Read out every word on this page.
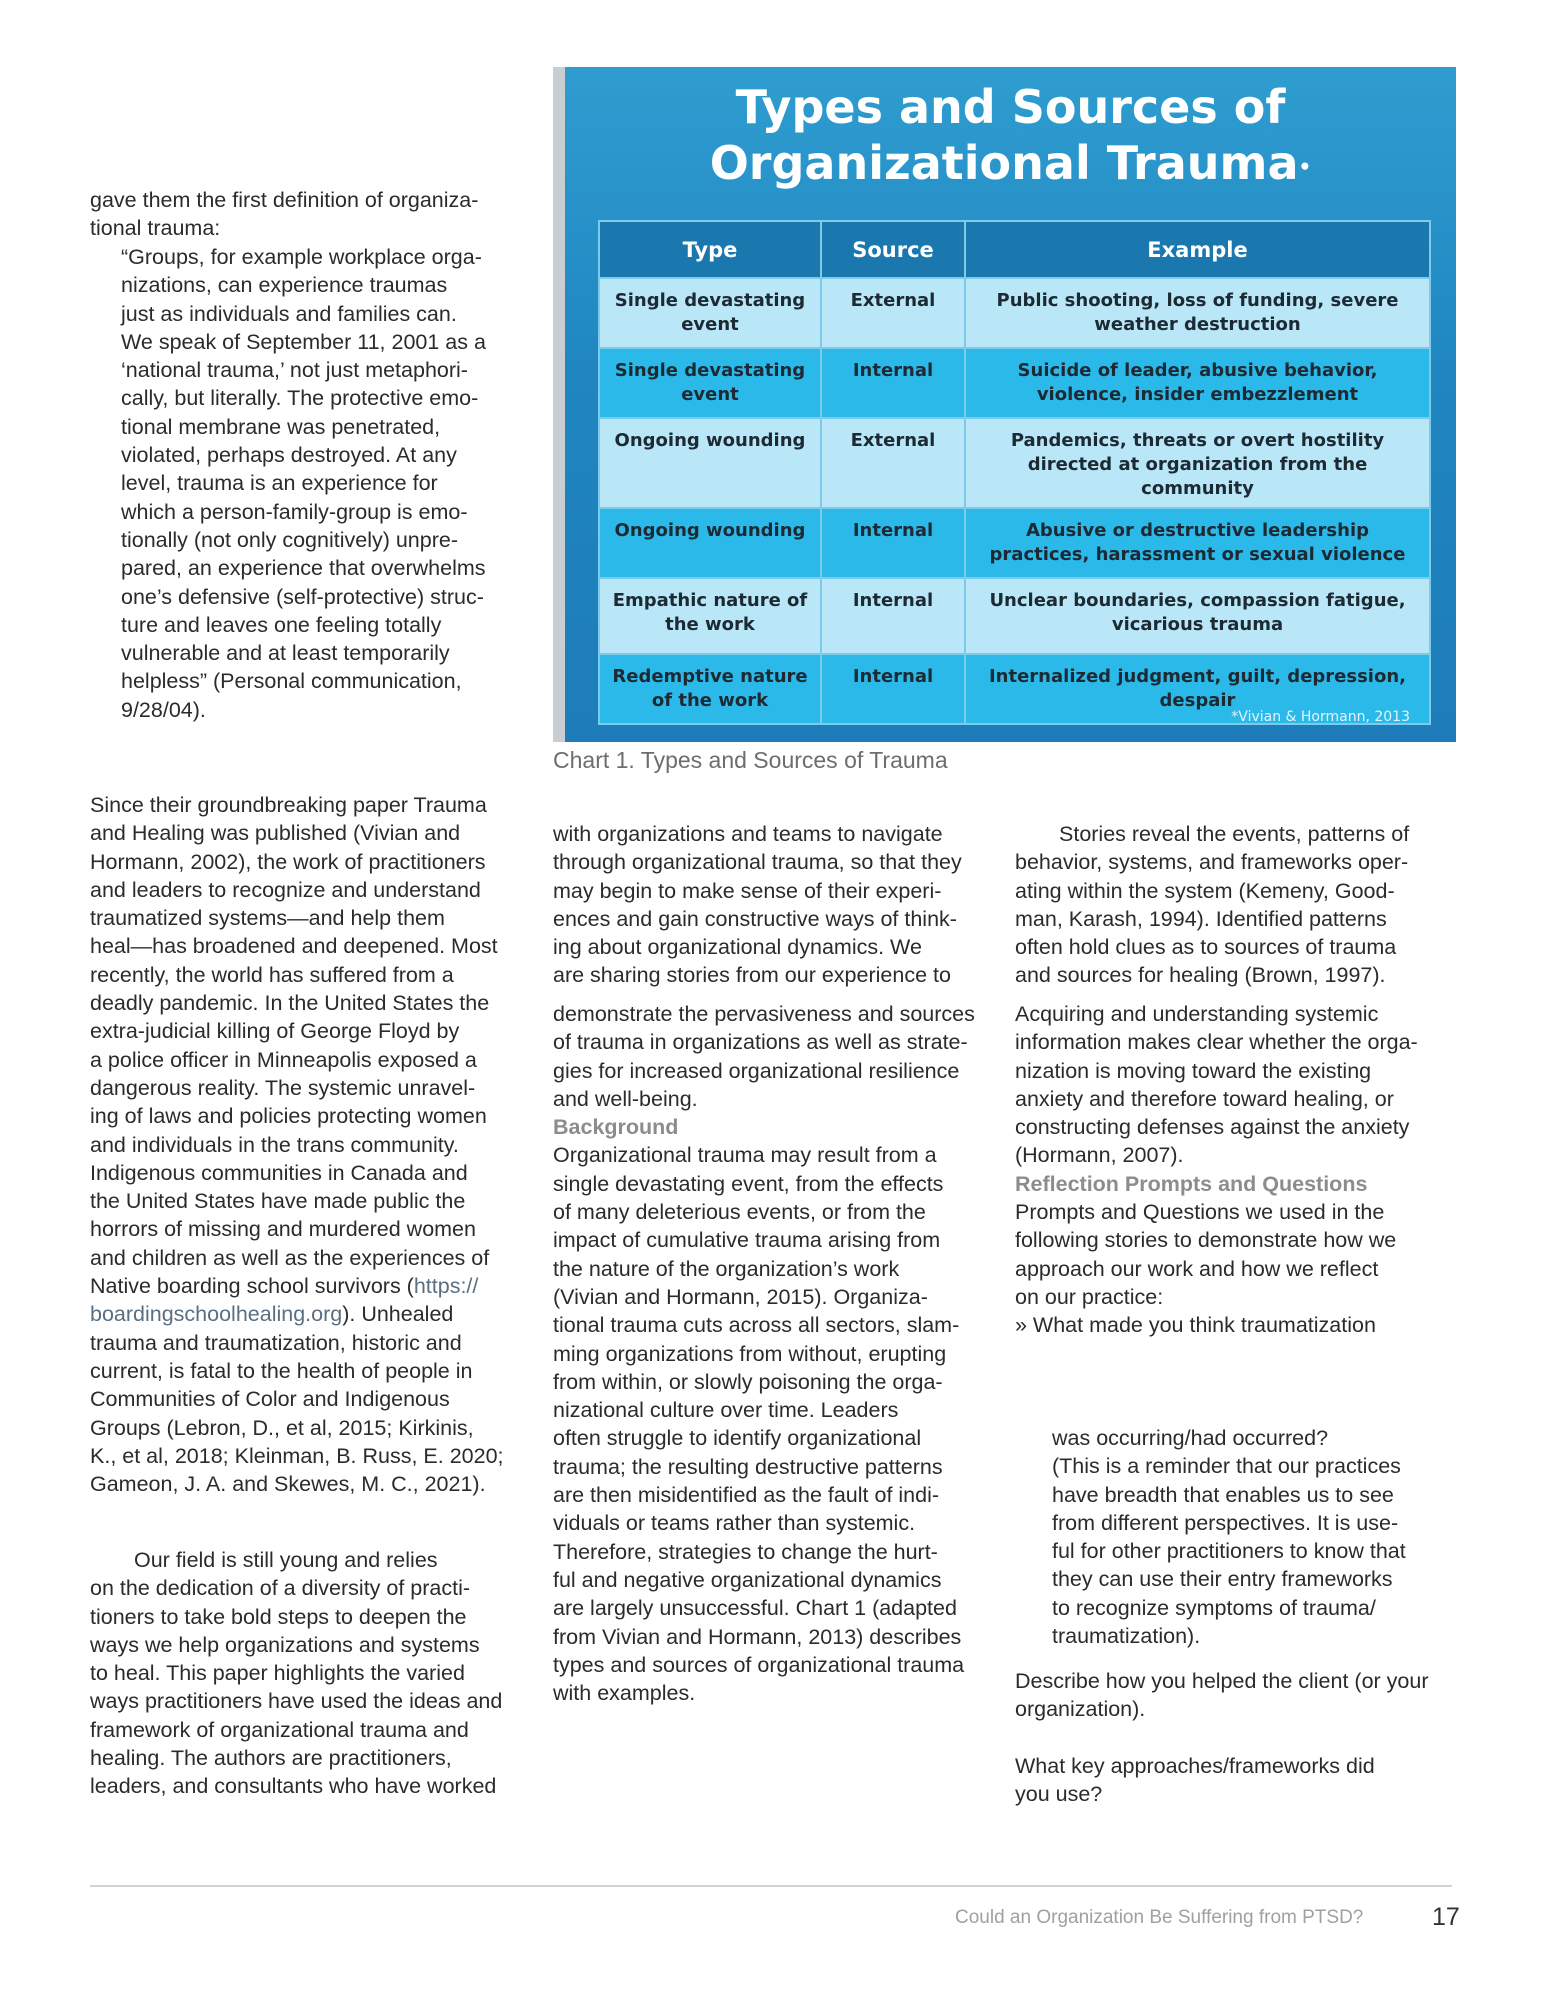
gave them the first definition of organiza-
tional trauma:
“Groups, for example workplace orga-
nizations, can experience traumas
just as individuals and families can.
We speak of September 11, 2001 as a
‘national trauma,’ not just metaphori-
cally, but literally. The protective emo-
tional membrane was penetrated,
violated, perhaps destroyed. At any
level, trauma is an experience for
which a person-family-group is emo-
tionally (not only cognitively) unpre-
pared, an experience that overwhelms
one’s defensive (self-protective) struc-
ture and leaves one feeling totally
vulnerable and at least temporarily
helpless” (Personal communication,
9/28/04).
Since their groundbreaking paper Trauma
and Healing was published (Vivian and
Hormann, 2002), the work of practitioners
and leaders to recognize and understand
traumatized systems—and help them
heal—has broadened and deepened. Most
recently, the world has suffered from a
deadly pandemic. In the United States the
extra-judicial killing of George Floyd by
a police officer in Minneapolis exposed a
dangerous reality. The systemic unravel-
ing of laws and policies protecting women
and individuals in the trans community.
Indigenous communities in Canada and
the United States have made public the
horrors of missing and murdered women
and children as well as the experiences of
Native boarding school survivors (https://
boardingschoolhealing.org). Unhealed
trauma and traumatization, historic and
current, is fatal to the health of people in
Communities of Color and Indigenous
Groups (Lebron, D., et al, 2015; Kirkinis,
K., et al, 2018; Kleinman, B. Russ, E. 2020;
Gameon, J. A. and Skewes, M. C., 2021).
Our field is still young and relies
on the dedication of a diversity of practi-
tioners to take bold steps to deepen the
ways we help organizations and systems
to heal. This paper highlights the varied
ways practitioners have used the ideas and
framework of organizational trauma and
healing. The authors are practitioners,
leaders, and consultants who have worked
Types and Sources of
Organizational Trauma•
Type	Source	Example
Single devastating event	External	Public shooting, loss of funding, severe weather destruction
Single devastating event	Internal	Suicide of leader, abusive behavior, violence, insider embezzlement
Ongoing wounding	External	Pandemics, threats or overt hostility directed at organization from the community
Ongoing wounding	Internal	Abusive or destructive leadership practices, harassment or sexual violence
Empathic nature of the work	Internal	Unclear boundaries, compassion fatigue, vicarious trauma
Redemptive nature of the work	Internal	Internalized judgment, guilt, depression, despair
*Vivian & Hormann, 2013
Chart 1. Types and Sources of Trauma
with organizations and teams to navigate
through organizational trauma, so that they
may begin to make sense of their experi-
ences and gain constructive ways of think-
ing about organizational dynamics. We
are sharing stories from our experience to
demonstrate the pervasiveness and sources
of trauma in organizations as well as strate-
gies for increased organizational resilience
and well-being.
Background
Organizational trauma may result from a
single devastating event, from the effects
of many deleterious events, or from the
impact of cumulative trauma arising from
the nature of the organization’s work
(Vivian and Hormann, 2015). Organiza-
tional trauma cuts across all sectors, slam-
ming organizations from without, erupting
from within, or slowly poisoning the orga-
nizational culture over time. Leaders
often struggle to identify organizational
trauma; the resulting destructive patterns
are then misidentified as the fault of indi-
viduals or teams rather than systemic.
Therefore, strategies to change the hurt-
ful and negative organizational dynamics
are largely unsuccessful. Chart 1 (adapted
from Vivian and Hormann, 2013) describes
types and sources of organizational trauma
with examples.
Stories reveal the events, patterns of
behavior, systems, and frameworks oper-
ating within the system (Kemeny, Good-
man, Karash, 1994). Identified patterns
often hold clues as to sources of trauma
and sources for healing (Brown, 1997).
Acquiring and understanding systemic
information makes clear whether the orga-
nization is moving toward the existing
anxiety and therefore toward healing, or
constructing defenses against the anxiety
(Hormann, 2007).
Reflection Prompts and Questions
Prompts and Questions we used in the
following stories to demonstrate how we
approach our work and how we reflect
on our practice:
» What made you think traumatization
was occurring/had occurred?
(This is a reminder that our practices
have breadth that enables us to see
from different perspectives. It is use-
ful for other practitioners to know that
they can use their entry frameworks
to recognize symptoms of trauma/
traumatization).
Describe how you helped the client (or your
organization).
What key approaches/frameworks did
you use?
Could an Organization Be Suffering from PTSD?	17
